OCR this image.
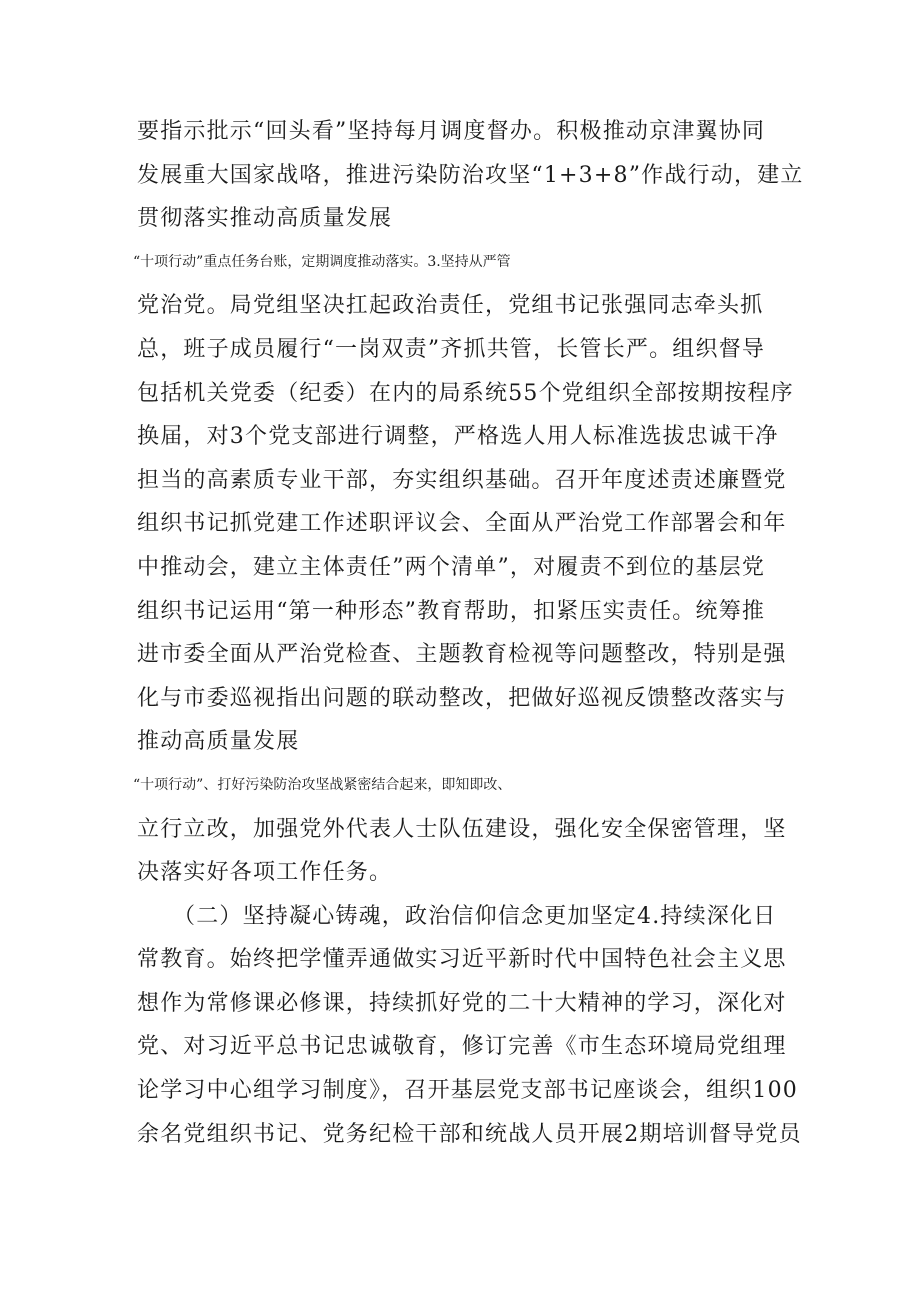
要指示批示“回头看”坚持每月调度督办。积极推动京津翼协同
发展重大国家战咯，推进污染防治攻坚“1+3+8”作战行动，建立
贯彻落实推动高质量发展
“十项行动”重点任务台账，定期调度推动落实。3.坚持从严管
党治党。局党组坚决扛起政治责任，党组书记张强同志牵头抓
总，班子成员履行“一岗双责”齐抓共管，长管长严。组织督导
包括机关党委（纪委）在内的局系统55个党组织全部按期按程序
换届，对3个党支部进行调整，严格选人用人标准选拔忠诚干净
担当的高素质专业干部，夯实组织基础。召开年度述责述廉暨党
组织书记抓党建工作述职评议会、全面从严治党工作部署会和年
中推动会，建立主体责任”两个清单”，对履责不到位的基层党
组织书记运用“第一种形态”教育帮助，扣紧压实责任。统筹推
进市委全面从严治党检查、主题教育检视等问题整改，特别是强
化与市委巡视指出问题的联动整改，把做好巡视反馈整改落实与
推动高质量发展
“十项行动”、打好污染防治攻坚战紧密结合起来，即知即改、
立行立改，加强党外代表人士队伍建设，强化安全保密管理，坚
决落实好各项工作任务。
（二）坚持凝心铸魂，政治信仰信念更加坚定4.持续深化日
常教育。始终把学懂弄通做实习近平新时代中国特色社会主义思
想作为常修课必修课，持续抓好党的二十大精神的学习，深化对
党、对习近平总书记忠诚敬育，修订完善《市生态环境局党组理
论学习中心组学习制度》，召开基层党支部书记座谈会，组织100
余名党组织书记、党务纪检干部和统战人员开展2期培训督导党员
